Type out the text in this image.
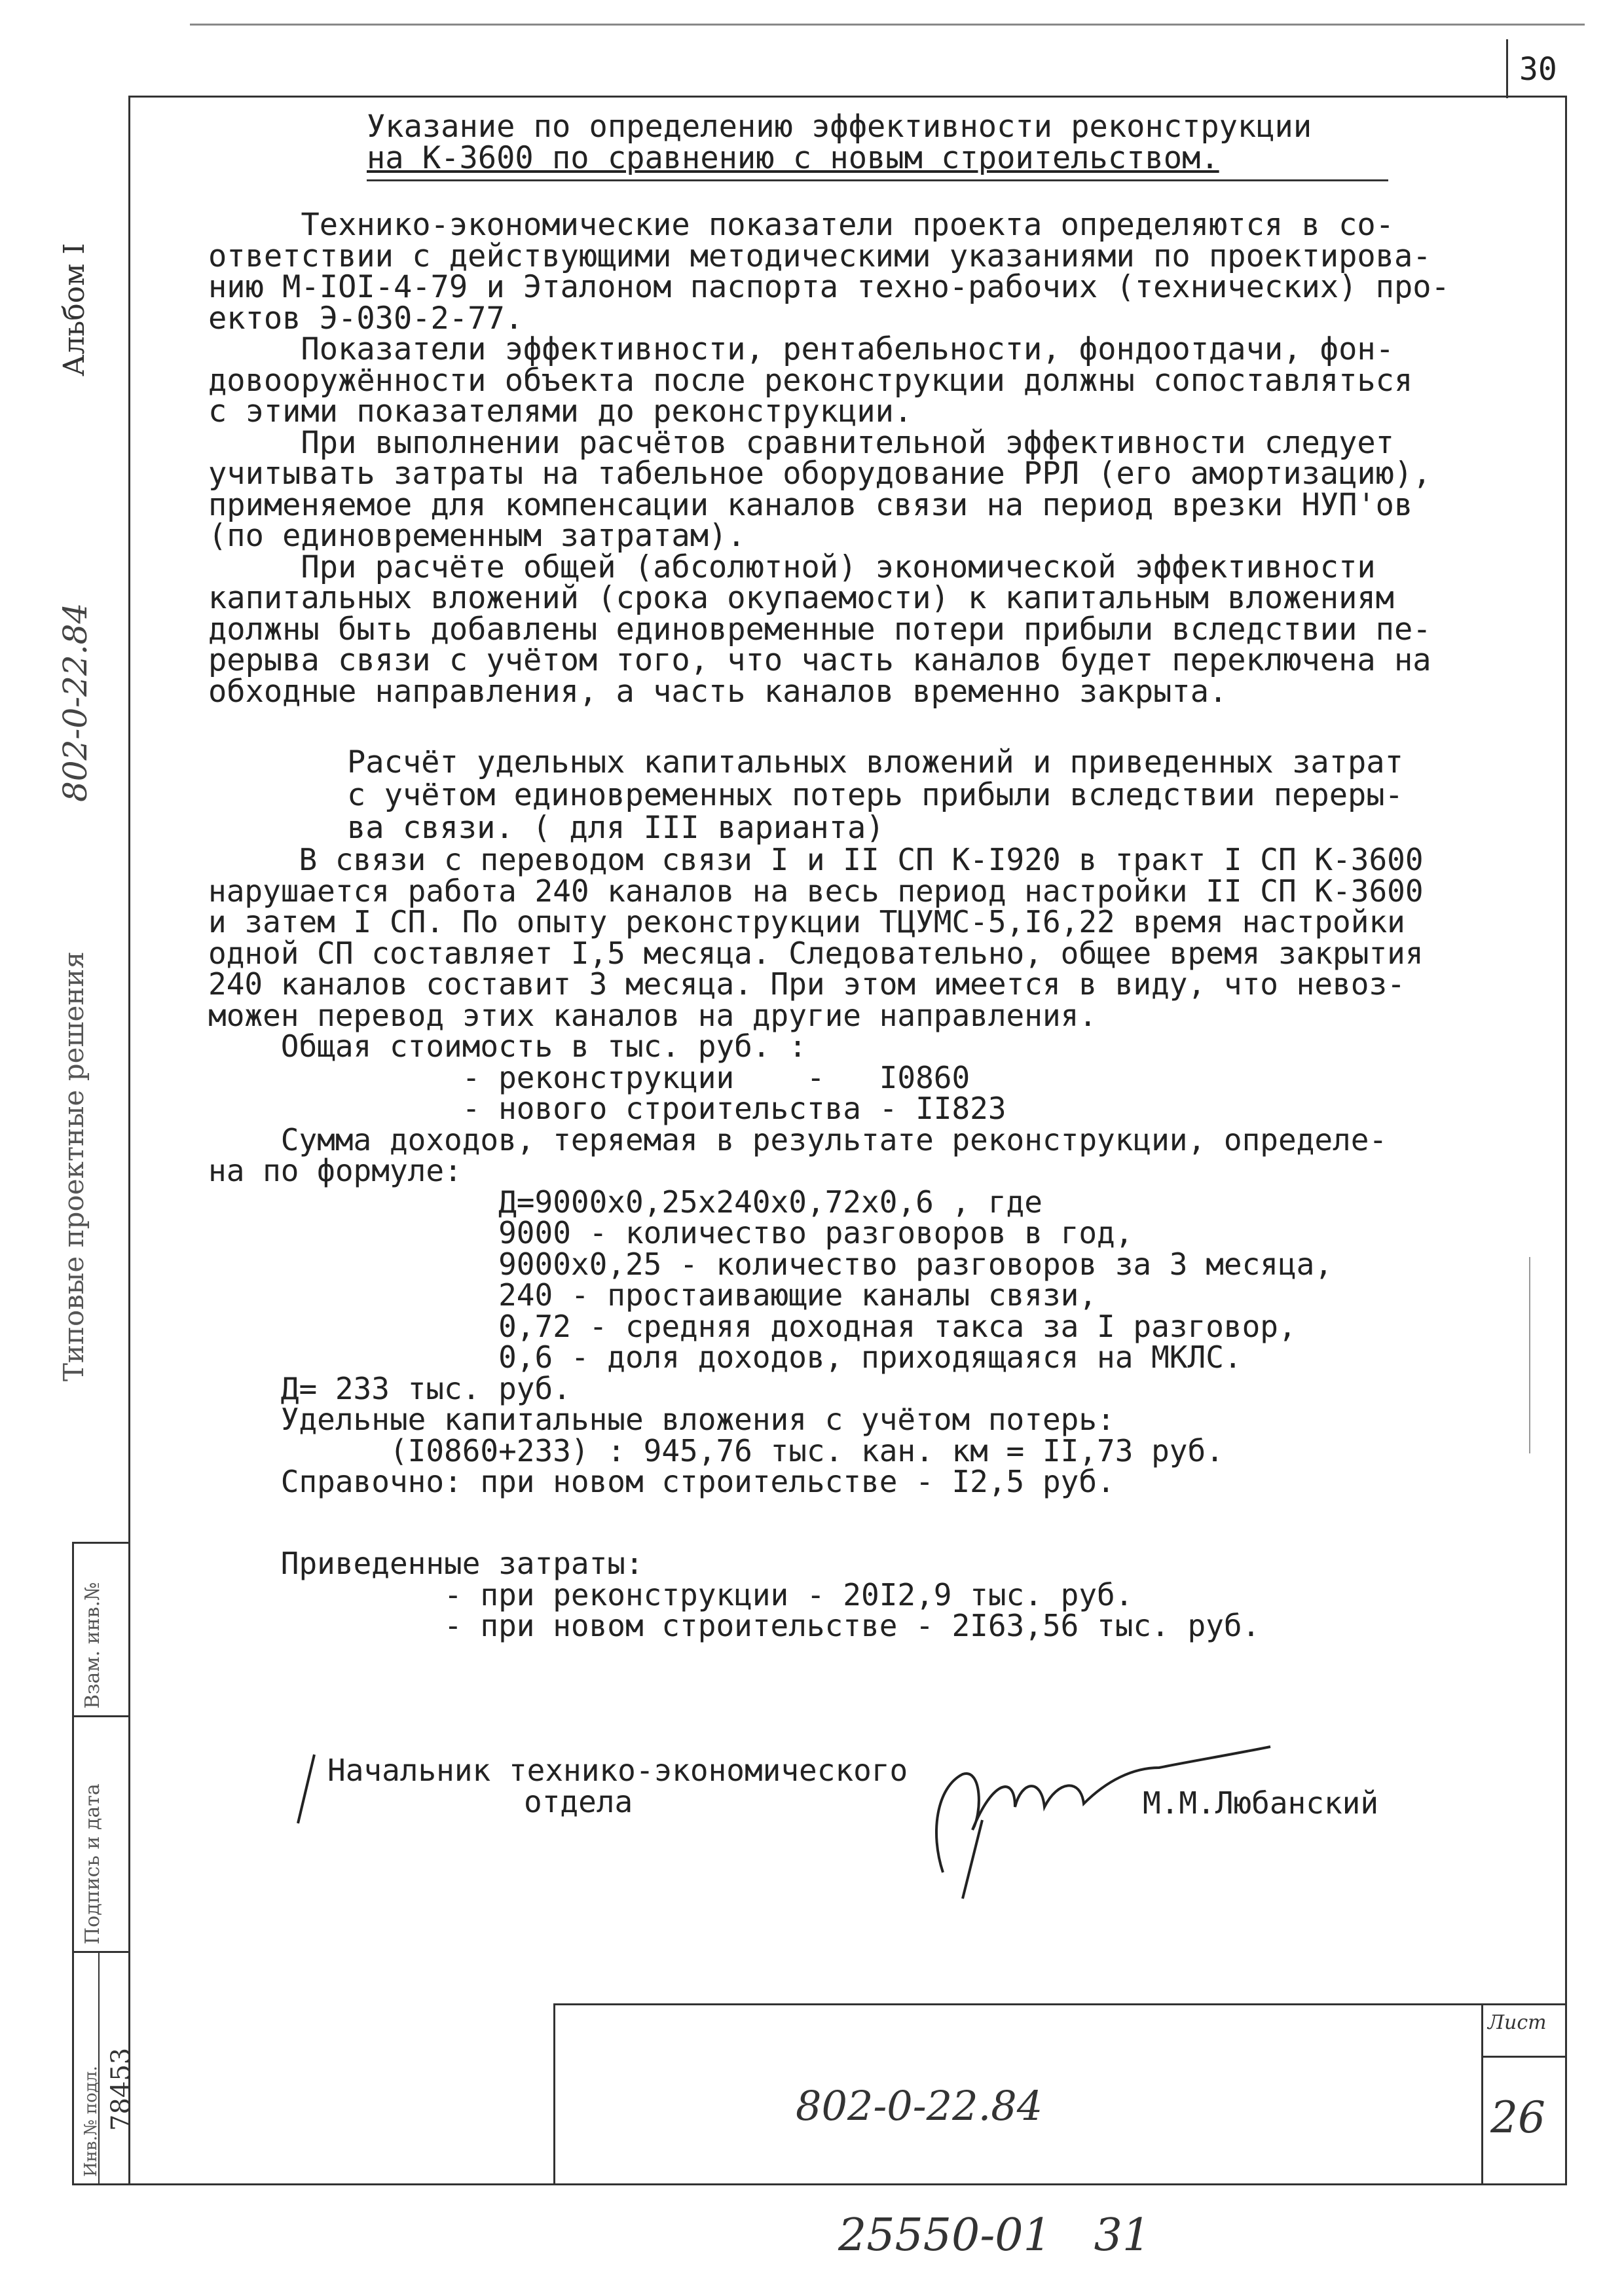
30
802-0-22.84
Лист
26
25550-01   31
Альбом I
802-0-22.84
Типовые проектные решения
Взам. инв.№
Подпись и дата
Инв.№ подл. 78453
Указание по определению эффективности реконструкции
на К-3600 по сравнению с новым строительством.
Технико-экономические показатели проекта определяются в со-
ответствии с действующими методическими указаниями по проектирова-
нию М-IOI-4-79 и Эталоном паспорта техно-рабочих (технических) про-
ектов Э-030-2-77.
Показатели эффективности, рентабельности, фондоотдачи, фон-
довооружённости объекта после реконструкции должны сопоставляться
с этими показателями до реконструкции.
При выполнении расчётов сравнительной эффективности следует
учитывать затраты на табельное оборудование РРЛ (его амортизацию),
применяемое для компенсации каналов связи на период врезки НУП'ов
(по единовременным затратам).
При расчёте общей (абсолютной) экономической эффективности
капитальных вложений (срока окупаемости) к капитальным вложениям
должны быть добавлены единовременные потери прибыли вследствии пе-
рерыва связи с учётом того, что часть каналов будет переключена на
обходные направления, а часть каналов временно закрыта.
Расчёт удельных капитальных вложений и приведенных затрат
с учётом единовременных потерь прибыли вследствии переры-
ва связи. ( для III варианта)
В связи с переводом связи I и II СП К-I920 в тракт I СП К-3600
нарушается работа 240 каналов на весь период настройки II СП К-3600
и затем I СП. По опыту реконструкции ТЦУМС-5,I6,22 время настройки
одной СП составляет I,5 месяца. Следовательно, общее время закрытия
240 каналов составит 3 месяца. При этом имеется в виду, что невоз-
можен перевод этих каналов на другие направления.
Общая стоимость в тыс. руб. :
- реконструкции    -   I0860
- нового строительства - II823
Сумма доходов, теряемая в результате реконструкции, определе-
на по формуле:
Д=9000х0,25х240х0,72х0,6 , где
9000 - количество разговоров в год,
9000х0,25 - количество разговоров за 3 месяца,
240 - простаивающие каналы связи,
0,72 - средняя доходная такса за I разговор,
0,6 - доля доходов, приходящаяся на МКЛС.
Д= 233 тыс. руб.
Удельные капитальные вложения с учётом потерь:
(I0860+233) : 945,76 тыс. кан. км = II,73 руб.
Справочно: при новом строительстве - I2,5 руб.
Приведенные затраты:
- при реконструкции - 20I2,9 тыс. руб.
- при новом строительстве - 2I63,56 тыс. руб.
Начальник технико-экономического
отдела	М.М.Любанский
